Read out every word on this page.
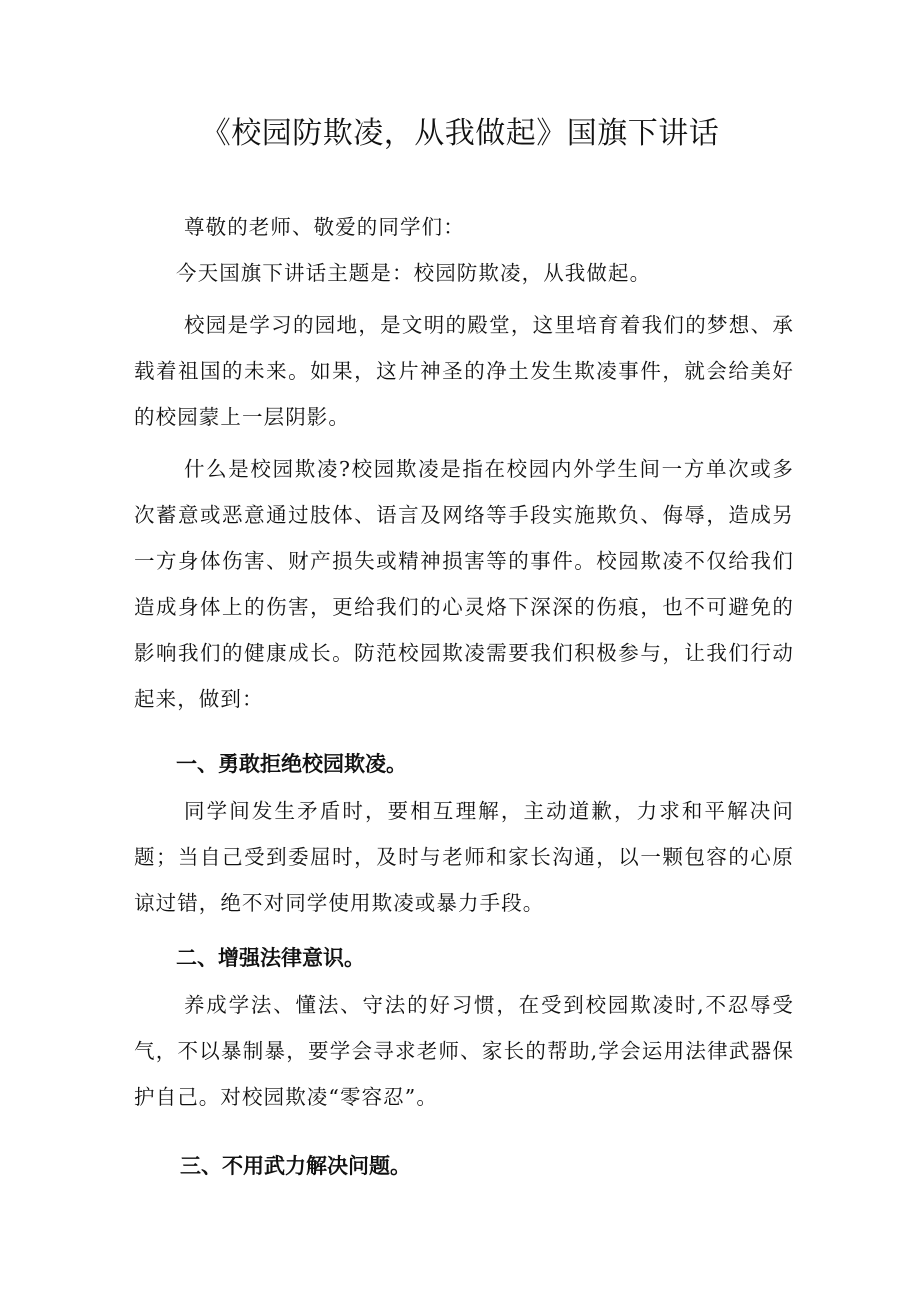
《校园防欺凌，从我做起》国旗下讲话

尊敬的老师、敬爱的同学们：

今天国旗下讲话主题是：校园防欺凌，从我做起。

校园是学习的园地，是文明的殿堂，这里培育着我们的梦想、承载着祖国的未来。如果，这片神圣的净土发生欺凌事件，就会给美好的校园蒙上一层阴影。

什么是校园欺凌?校园欺凌是指在校园内外学生间一方单次或多次蓄意或恶意通过肢体、语言及网络等手段实施欺负、侮辱，造成另一方身体伤害、财产损失或精神损害等的事件。校园欺凌不仅给我们造成身体上的伤害，更给我们的心灵烙下深深的伤痕，也不可避免的影响我们的健康成长。防范校园欺凌需要我们积极参与，让我们行动起来，做到：

一、勇敢拒绝校园欺凌。

同学间发生矛盾时，要相互理解，主动道歉，力求和平解决问题；当自己受到委屈时，及时与老师和家长沟通，以一颗包容的心原谅过错，绝不对同学使用欺凌或暴力手段。

二、增强法律意识。

养成学法、懂法、守法的好习惯，在受到校园欺凌时,不忍辱受气，不以暴制暴，要学会寻求老师、家长的帮助,学会运用法律武器保护自己。对校园欺凌“零容忍”。

三、不用武力解决问题。
